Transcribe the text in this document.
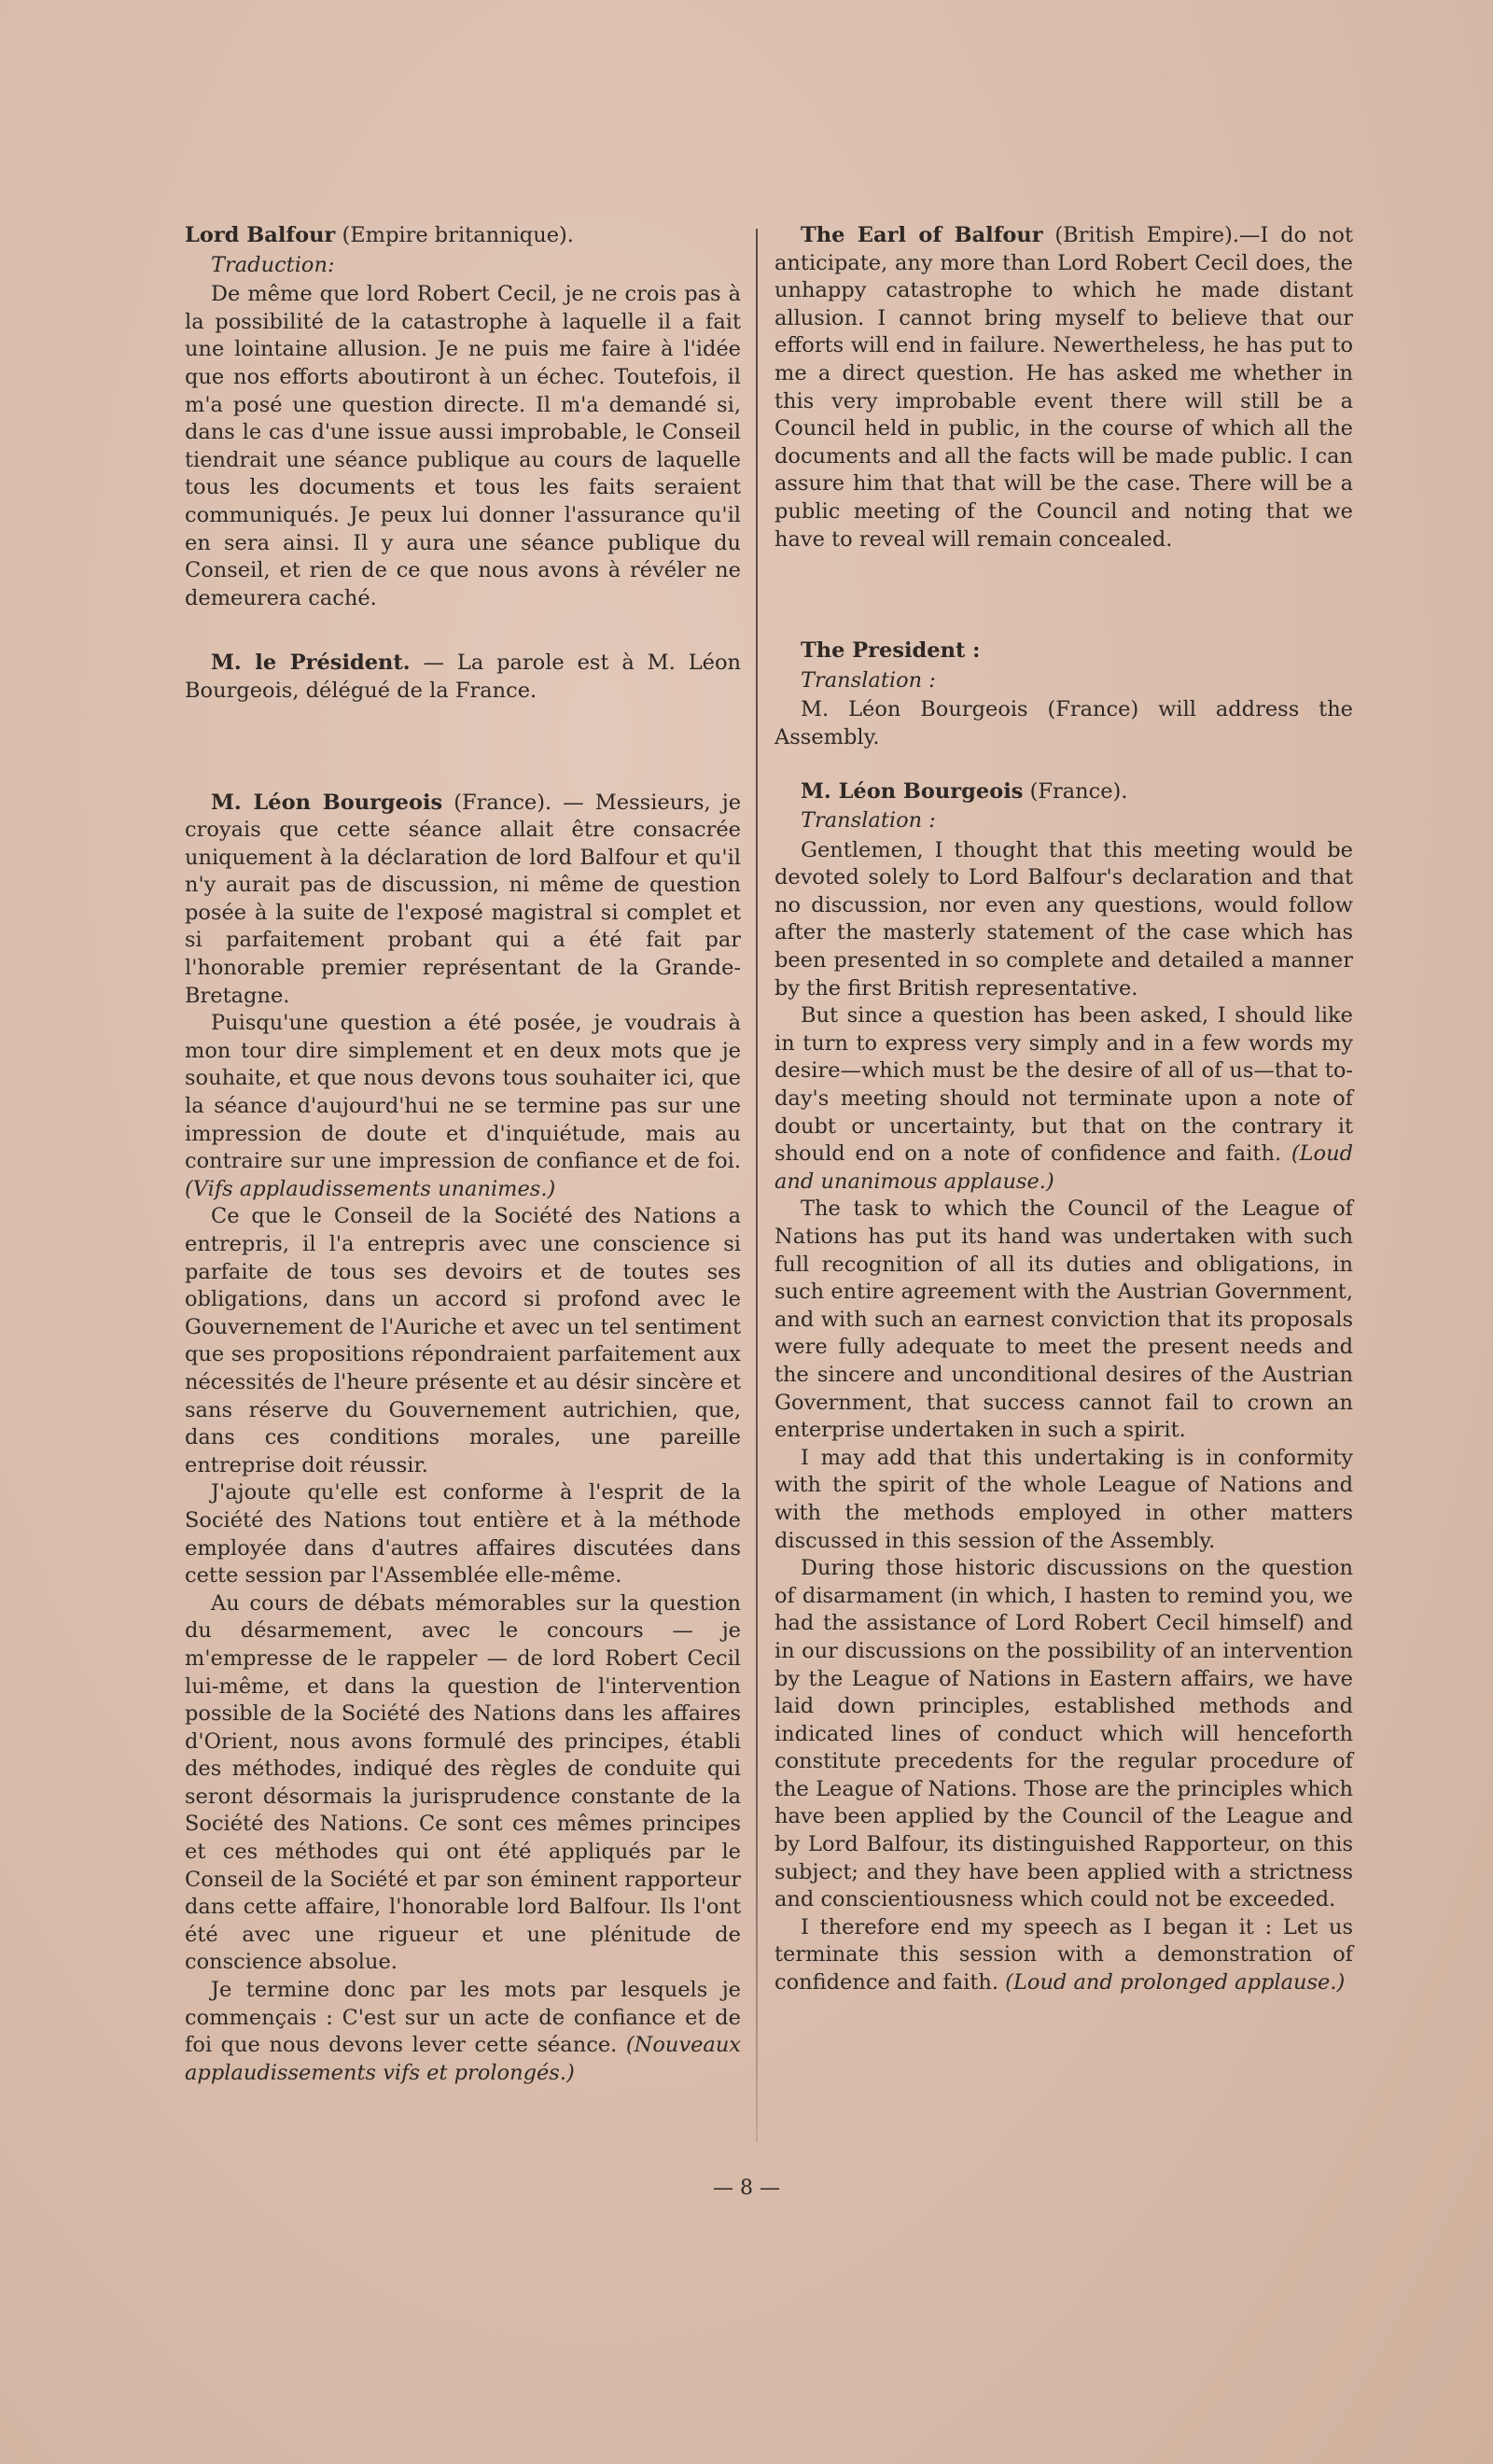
Lord Balfour (Empire britannique).

Traduction:

De même que lord Robert Cecil, je ne crois pas à la possibilité de la catastrophe à laquelle il a fait une lointaine allusion. Je ne puis me faire à l'idée que nos efforts aboutiront à un échec. Toutefois, il m'a posé une question directe. Il m'a demandé si, dans le cas d'une issue aussi improbable, le Conseil tiendrait une séance publique au cours de laquelle tous les documents et tous les faits seraient communiqués. Je peux lui donner l'assurance qu'il en sera ainsi. Il y aura une séance publique du Conseil, et rien de ce que nous avons à révéler ne demeurera caché.

M. le Président. — La parole est à M. Léon Bourgeois, délégué de la France.

M. Léon Bourgeois (France). — Messieurs, je croyais que cette séance allait être consacrée uniquement à la déclaration de lord Balfour et qu'il n'y aurait pas de discussion, ni même de question posée à la suite de l'exposé magistral si complet et si parfaitement probant qui a été fait par l'honorable premier représentant de la Grande-Bretagne.

Puisqu'une question a été posée, je voudrais à mon tour dire simplement et en deux mots que je souhaite, et que nous devons tous souhaiter ici, que la séance d'aujourd'hui ne se termine pas sur une impression de doute et d'inquiétude, mais au contraire sur une impression de confiance et de foi. (Vifs applaudissements unanimes.)

Ce que le Conseil de la Société des Nations a entrepris, il l'a entrepris avec une conscience si parfaite de tous ses devoirs et de toutes ses obligations, dans un accord si profond avec le Gouvernement de l'Auriche et avec un tel sentiment que ses propositions répondraient parfaitement aux nécessités de l'heure présente et au désir sincère et sans réserve du Gouvernement autrichien, que, dans ces conditions morales, une pareille entreprise doit réussir.

J'ajoute qu'elle est conforme à l'esprit de la Société des Nations tout entière et à la méthode employée dans d'autres affaires discutées dans cette session par l'Assemblée elle-même.

Au cours de débats mémorables sur la question du désarmement, avec le concours — je m'empresse de le rappeler — de lord Robert Cecil lui-même, et dans la question de l'intervention possible de la Société des Nations dans les affaires d'Orient, nous avons formulé des principes, établi des méthodes, indiqué des règles de conduite qui seront désormais la jurisprudence constante de la Société des Nations. Ce sont ces mêmes principes et ces méthodes qui ont été appliqués par le Conseil de la Société et par son éminent rapporteur dans cette affaire, l'honorable lord Balfour. Ils l'ont été avec une rigueur et une plénitude de conscience absolue.

Je termine donc par les mots par lesquels je commençais : C'est sur un acte de confiance et de foi que nous devons lever cette séance. (Nouveaux applaudissements vifs et prolongés.)

The Earl of Balfour (British Empire).—I do not anticipate, any more than Lord Robert Cecil does, the unhappy catastrophe to which he made distant allusion. I cannot bring myself to believe that our efforts will end in failure. Newertheless, he has put to me a direct question. He has asked me whether in this very improbable event there will still be a Council held in public, in the course of which all the documents and all the facts will be made public. I can assure him that that will be the case. There will be a public meeting of the Council and noting that we have to reveal will remain concealed.

The President :

Translation :

M. Léon Bourgeois (France) will address the Assembly.

M. Léon Bourgeois (France).

Translation :

Gentlemen, I thought that this meeting would be devoted solely to Lord Balfour's declaration and that no discussion, nor even any questions, would follow after the masterly statement of the case which has been presented in so complete and detailed a manner by the first British representative.

But since a question has been asked, I should like in turn to express very simply and in a few words my desire—which must be the desire of all of us—that to-day's meeting should not terminate upon a note of doubt or uncertainty, but that on the contrary it should end on a note of confidence and faith. (Loud and unanimous applause.)

The task to which the Council of the League of Nations has put its hand was undertaken with such full recognition of all its duties and obligations, in such entire agreement with the Austrian Government, and with such an earnest conviction that its proposals were fully adequate to meet the present needs and the sincere and unconditional desires of the Austrian Government, that success cannot fail to crown an enterprise undertaken in such a spirit.

I may add that this undertaking is in conformity with the spirit of the whole League of Nations and with the methods employed in other matters discussed in this session of the Assembly.

During those historic discussions on the question of disarmament (in which, I hasten to remind you, we had the assistance of Lord Robert Cecil himself) and in our discussions on the possibility of an intervention by the League of Nations in Eastern affairs, we have laid down principles, established methods and indicated lines of conduct which will henceforth constitute precedents for the regular procedure of the League of Nations. Those are the principles which have been applied by the Council of the League and by Lord Balfour, its distinguished Rapporteur, on this subject; and they have been applied with a strictness and conscientiousness which could not be exceeded.

I therefore end my speech as I began it : Let us terminate this session with a demonstration of confidence and faith. (Loud and prolonged applause.)

— 8 —
